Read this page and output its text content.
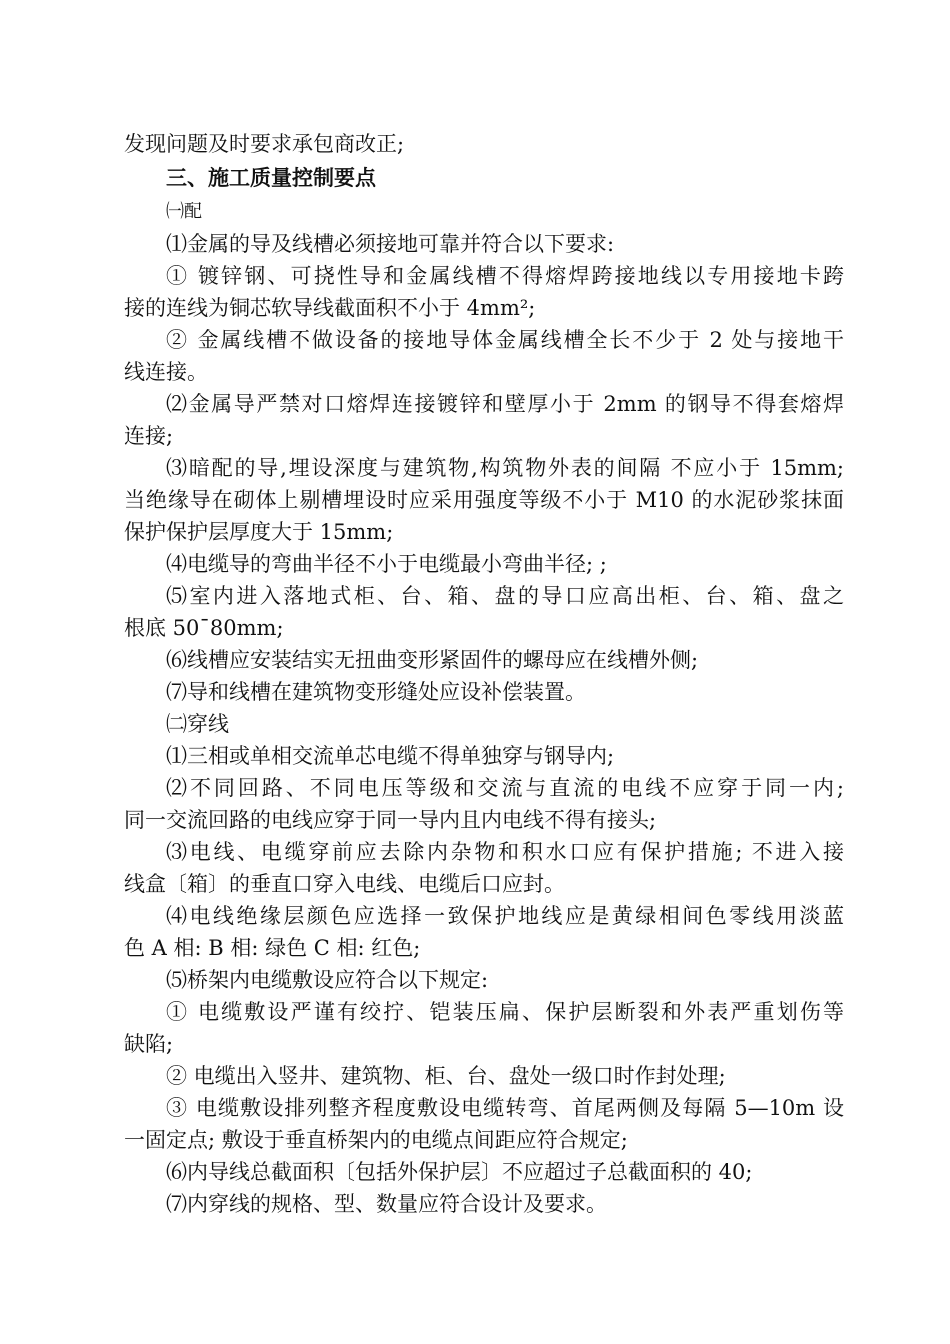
发现问题及时要求承包商改正;
三、施工质量控制要点
㈠配
⑴金属的导及线槽必须接地可靠并符合以下要求:
① 镀锌钢、可挠性导和金属线槽不得熔焊跨接地线以专用接地卡跨
接的连线为铜芯软导线截面积不小于 4mm²;
② 金属线槽不做设备的接地导体金属线槽全长不少于 2 处与接地干
线连接。
⑵金属导严禁对口熔焊连接镀锌和壁厚小于 2mm 的钢导不得套熔焊
连接;
⑶暗配的导,埋设深度与建筑物,构筑物外表的间隔 不应小于 15mm;
当绝缘导在砌体上剔槽埋设时应采用强度等级不小于 M10 的水泥砂浆抹面
保护保护层厚度大于 15mm;
⑷电缆导的弯曲半径不小于电缆最小弯曲半径; ;
⑸室内进入落地式柜、台、箱、盘的导口应高出柜、台、箱、盘之
根底 50¯80mm;
⑹线槽应安装结实无扭曲变形紧固件的螺母应在线槽外侧;
⑺导和线槽在建筑物变形缝处应设补偿装置。
㈡穿线
⑴三相或单相交流单芯电缆不得单独穿与钢导内;
⑵不同回路、不同电压等级和交流与直流的电线不应穿于同一内;
同一交流回路的电线应穿于同一导内且内电线不得有接头;
⑶电线、电缆穿前应去除内杂物和积水口应有保护措施; 不进入接
线盒〔箱〕的垂直口穿入电线、电缆后口应封。
⑷电线绝缘层颜色应选择一致保护地线应是黄绿相间色零线用淡蓝
色 A 相: B 相: 绿色 C 相: 红色;
⑸桥架内电缆敷设应符合以下规定:
① 电缆敷设严谨有绞拧、铠装压扁、保护层断裂和外表严重划伤等
缺陷;
② 电缆出入竖井、建筑物、柜、台、盘处一级口时作封处理;
③ 电缆敷设排列整齐程度敷设电缆转弯、首尾两侧及每隔 5—10m 设
一固定点; 敷设于垂直桥架内的电缆点间距应符合规定;
⑹内导线总截面积〔包括外保护层〕不应超过子总截面积的 40;
⑺内穿线的规格、型、数量应符合设计及要求。
